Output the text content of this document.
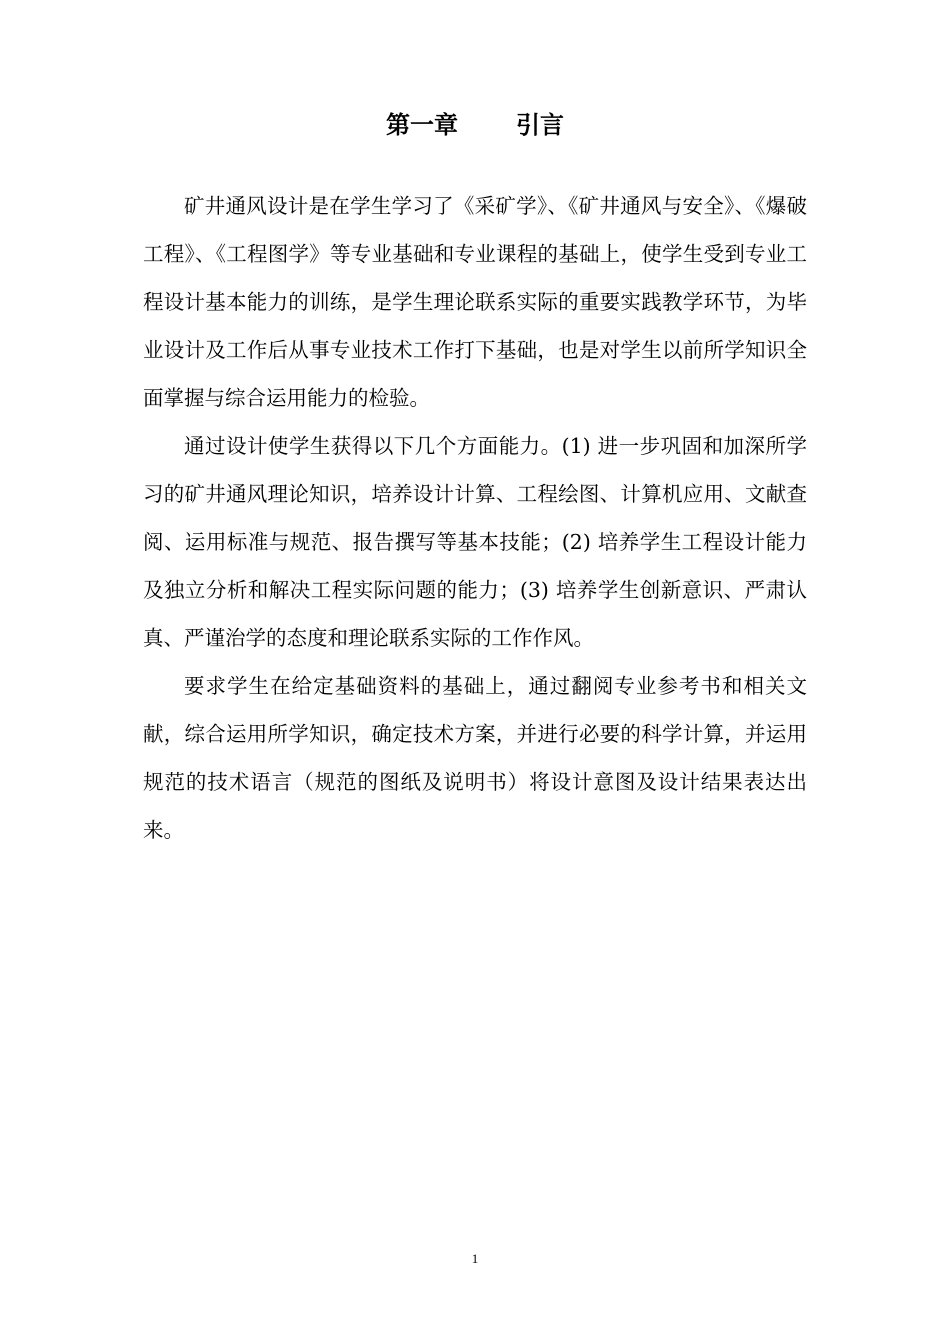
第一章 引言

矿井通风设计是在学生学习了《采矿学》、《矿井通风与安全》、《爆破工程》、《工程图学》等专业基础和专业课程的基础上，使学生受到专业工程设计基本能力的训练，是学生理论联系实际的重要实践教学环节，为毕业设计及工作后从事专业技术工作打下基础，也是对学生以前所学知识全面掌握与综合运用能力的检验。

通过设计使学生获得以下几个方面能力。(1) 进一步巩固和加深所学习的矿井通风理论知识，培养设计计算、工程绘图、计算机应用、文献查阅、运用标准与规范、报告撰写等基本技能；(2) 培养学生工程设计能力及独立分析和解决工程实际问题的能力；(3) 培养学生创新意识、严肃认真、严谨治学的态度和理论联系实际的工作作风。

要求学生在给定基础资料的基础上，通过翻阅专业参考书和相关文献，综合运用所学知识，确定技术方案，并进行必要的科学计算，并运用规范的技术语言（规范的图纸及说明书）将设计意图及设计结果表达出来。

1
